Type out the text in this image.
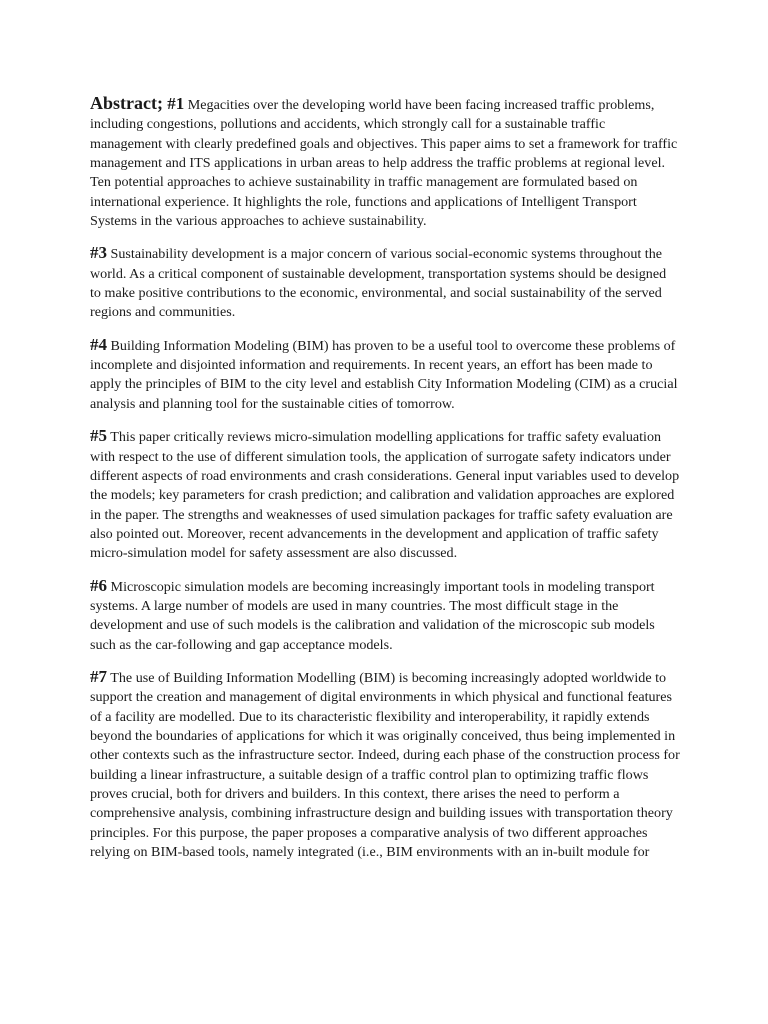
Abstract; #1 Megacities over the developing world have been facing increased traffic problems, including congestions, pollutions and accidents, which strongly call for a sustainable traffic management with clearly predefined goals and objectives. This paper aims to set a framework for traffic management and ITS applications in urban areas to help address the traffic problems at regional level. Ten potential approaches to achieve sustainability in traffic management are formulated based on international experience. It highlights the role, functions and applications of Intelligent Transport Systems in the various approaches to achieve sustainability.

#3 Sustainability development is a major concern of various social-economic systems throughout the world. As a critical component of sustainable development, transportation systems should be designed to make positive contributions to the economic, environmental, and social sustainability of the served regions and communities.

#4 Building Information Modeling (BIM) has proven to be a useful tool to overcome these problems of incomplete and disjointed information and requirements. In recent years, an effort has been made to apply the principles of BIM to the city level and establish City Information Modeling (CIM) as a crucial analysis and planning tool for the sustainable cities of tomorrow.

#5 This paper critically reviews micro-simulation modelling applications for traffic safety evaluation with respect to the use of different simulation tools, the application of surrogate safety indicators under different aspects of road environments and crash considerations. General input variables used to develop the models; key parameters for crash prediction; and calibration and validation approaches are explored in the paper. The strengths and weaknesses of used simulation packages for traffic safety evaluation are also pointed out. Moreover, recent advancements in the development and application of traffic safety micro-simulation model for safety assessment are also discussed.

#6 Microscopic simulation models are becoming increasingly important tools in modeling transport systems. A large number of models are used in many countries. The most difficult stage in the development and use of such models is the calibration and validation of the microscopic sub models such as the car-following and gap acceptance models.

#7 The use of Building Information Modelling (BIM) is becoming increasingly adopted worldwide to support the creation and management of digital environments in which physical and functional features of a facility are modelled. Due to its characteristic flexibility and interoperability, it rapidly extends beyond the boundaries of applications for which it was originally conceived, thus being implemented in other contexts such as the infrastructure sector. Indeed, during each phase of the construction process for building a linear infrastructure, a suitable design of a traffic control plan to optimizing traffic flows proves crucial, both for drivers and builders. In this context, there arises the need to perform a comprehensive analysis, combining infrastructure design and building issues with transportation theory principles. For this purpose, the paper proposes a comparative analysis of two different approaches relying on BIM-based tools, namely integrated (i.e., BIM environments with an in-built module for
